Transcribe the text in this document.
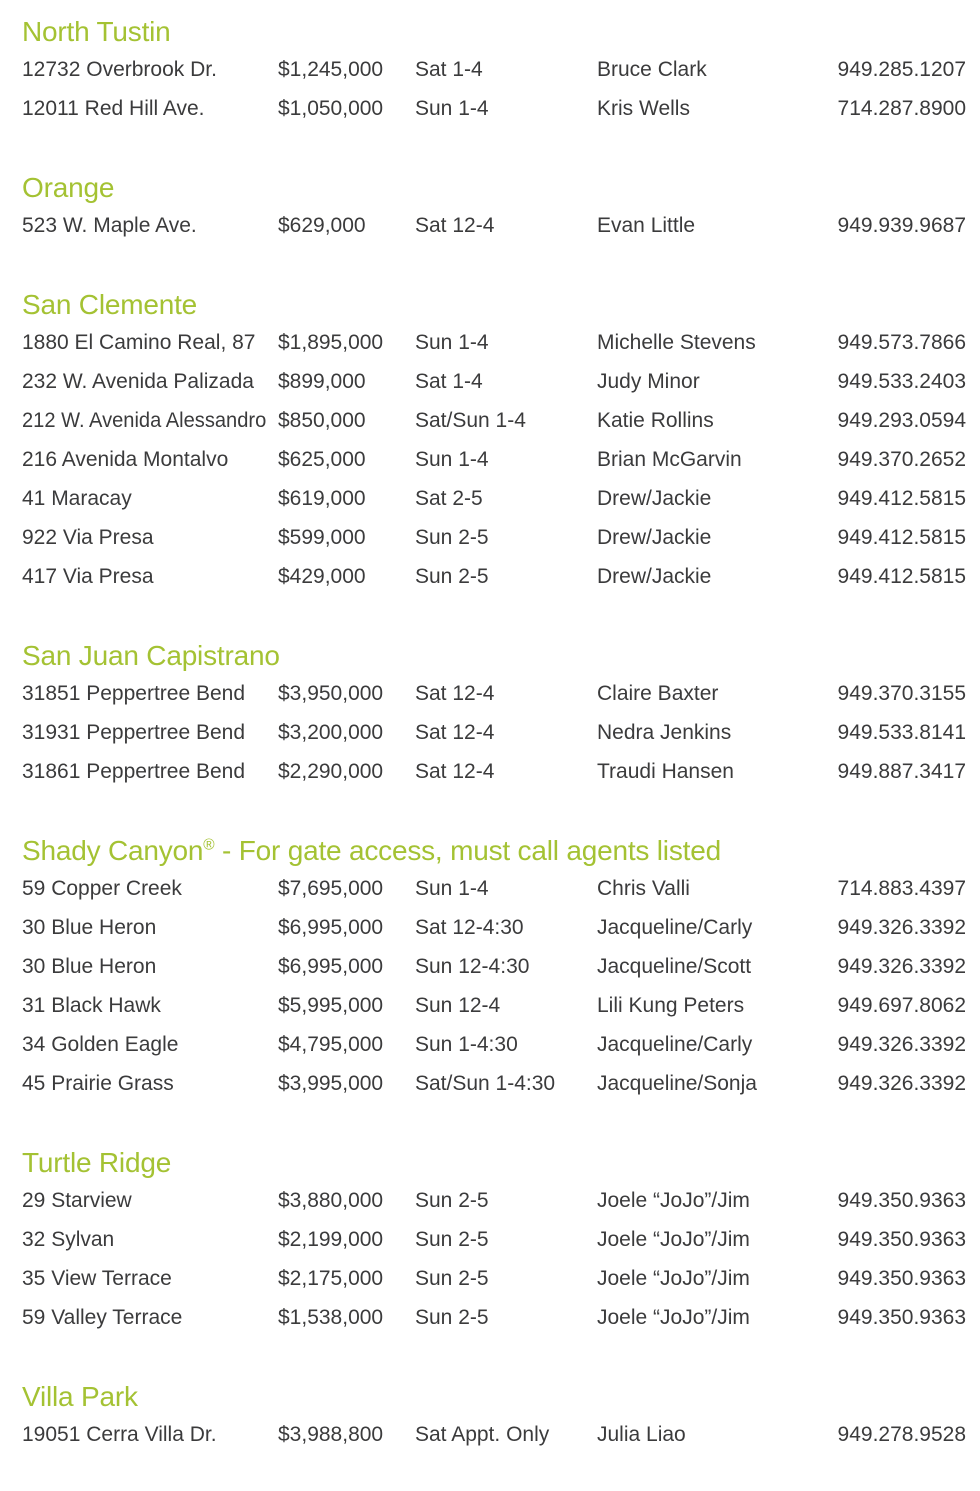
North Tustin
12732 Overbrook Dr.	$1,245,000	Sat 1-4	Bruce Clark	949.285.1207
12011 Red Hill Ave.	$1,050,000	Sun 1-4	Kris Wells	714.287.8900
Orange
523 W. Maple Ave.	$629,000	Sat 12-4	Evan Little	949.939.9687
San Clemente
1880 El Camino Real, 87	$1,895,000	Sun 1-4	Michelle Stevens	949.573.7866
232 W. Avenida Palizada	$899,000	Sat 1-4	Judy Minor	949.533.2403
212 W. Avenida Alessandro $850,000	Sat/Sun 1-4	Katie Rollins	949.293.0594
216 Avenida Montalvo	$625,000	Sun 1-4	Brian McGarvin	949.370.2652
41 Maracay	$619,000	Sat 2-5	Drew/Jackie	949.412.5815
922 Via Presa	$599,000	Sun 2-5	Drew/Jackie	949.412.5815
417 Via Presa	$429,000	Sun 2-5	Drew/Jackie	949.412.5815
San Juan Capistrano
31851 Peppertree Bend	$3,950,000	Sat 12-4	Claire Baxter	949.370.3155
31931 Peppertree Bend	$3,200,000	Sat 12-4	Nedra Jenkins	949.533.8141
31861 Peppertree Bend	$2,290,000	Sat 12-4	Traudi Hansen	949.887.3417
Shady Canyon® - For gate access, must call agents listed
59 Copper Creek	$7,695,000	Sun 1-4	Chris Valli	714.883.4397
30 Blue Heron	$6,995,000	Sat 12-4:30	Jacqueline/Carly	949.326.3392
30 Blue Heron	$6,995,000	Sun 12-4:30	Jacqueline/Scott	949.326.3392
31 Black Hawk	$5,995,000	Sun 12-4	Lili Kung Peters	949.697.8062
34 Golden Eagle	$4,795,000	Sun 1-4:30	Jacqueline/Carly	949.326.3392
45 Prairie Grass	$3,995,000	Sat/Sun 1-4:30	Jacqueline/Sonja	949.326.3392
Turtle Ridge
29 Starview	$3,880,000	Sun 2-5	Joele “JoJo”/Jim	949.350.9363
32 Sylvan	$2,199,000	Sun 2-5	Joele “JoJo”/Jim	949.350.9363
35 View Terrace	$2,175,000	Sun 2-5	Joele “JoJo”/Jim	949.350.9363
59 Valley Terrace	$1,538,000	Sun 2-5	Joele “JoJo”/Jim	949.350.9363
Villa Park
19051 Cerra Villa Dr.	$3,988,800	Sat Appt. Only	Julia Liao	949.278.9528
